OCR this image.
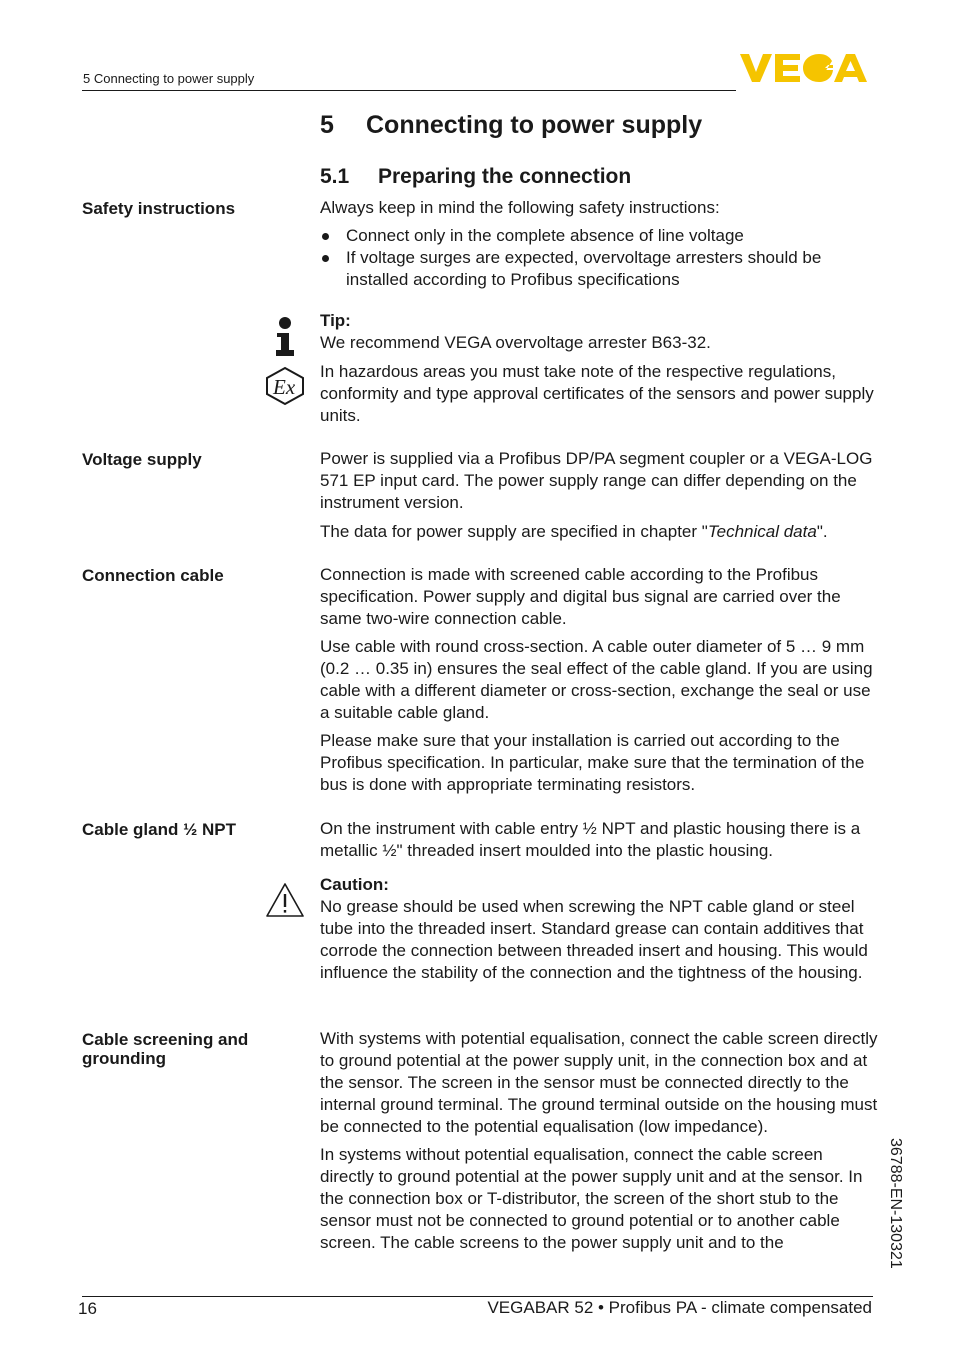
5 Connecting to power supply
5 Connecting to power supply
5.1 Preparing the connection
Safety instructions	Always keep in mind the following safety instructions:

Connect only in the complete absence of line voltage

If voltage surges are expected, overvoltage arresters should be installed according to Profibus specifications

Tip:

We recommend VEGA overvoltage arrester B63-32.

In hazardous areas you must take note of the respective regulations, conformity and type approval certificates of the sensors and power supply units.

Ex
Voltage supply	Power is supplied via a Profibus DP/PA segment coupler or a VEGA-LOG 571 EP input card. The power supply range can differ depending on the instrument version.

The data for power supply are specified in chapter "Technical data".

Connection cable	Connection is made with screened cable according to the Profibus specification. Power supply and digital bus signal are carried over the same two-wire connection cable.

Use cable with round cross-section. A cable outer diameter of 5 … 9 mm (0.2 … 0.35 in) ensures the seal effect of the cable gland. If you are using cable with a different diameter or cross-section, exchange the seal or use a suitable cable gland.

Please make sure that your installation is carried out according to the Profibus specification. In particular, make sure that the termination of the bus is done with appropriate terminating resistors.

Cable gland ½ NPT	On the instrument with cable entry ½ NPT and plastic housing there is a metallic ½" threaded insert moulded into the plastic housing.

Caution:

No grease should be used when screwing the NPT cable gland or steel tube into the threaded insert. Standard grease can contain additives that corrode the connection between threaded insert and housing. This would influence the stability of the connection and the tightness of the housing.

Cable screening and grounding

With systems with potential equalisation, connect the cable screen directly to ground potential at the power supply unit, in the connection box and at the sensor. The screen in the sensor must be connected directly to the internal ground terminal. The ground terminal outside on the housing must be connected to the potential equalisation (low impedance).

In systems without potential equalisation, connect the cable screen directly to ground potential at the power supply unit and at the sensor. In the connection box or T-distributor, the screen of the short stub to the sensor must not be connected to ground potential or to another cable screen. The cable screens to the power supply unit and to the	36788-EN-130321
16	VEGABAR 52 • Profibus PA - climate compensated
